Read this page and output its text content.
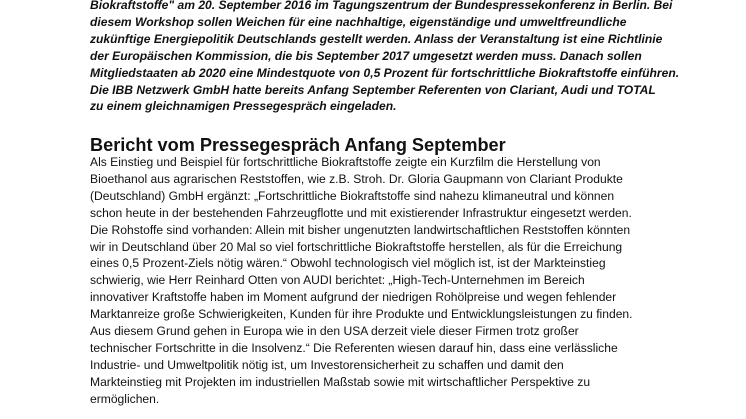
Biokraftstoffe" am 20. September 2016 im Tagungszentrum der Bundespressekonferenz in Berlin. Bei
diesem Workshop sollen Weichen für eine nachhaltige, eigenständige und umweltfreundliche
zukünftige Energiepolitik Deutschlands gestellt werden. Anlass der Veranstaltung ist eine Richtlinie
der Europäischen Kommission, die bis September 2017 umgesetzt werden muss. Danach sollen
Mitgliedstaaten ab 2020 eine Mindestquote von 0,5 Prozent für fortschrittliche Biokraftstoffe einführen.
Die IBB Netzwerk GmbH hatte bereits Anfang September Referenten von Clariant, Audi und TOTAL
zu einem gleichnamigen Pressegespräch eingeladen.

Bericht vom Pressegespräch Anfang September

Als Einstieg und Beispiel für fortschrittliche Biokraftstoffe zeigte ein Kurzfilm die Herstellung von
Bioethanol aus agrarischen Reststoffen, wie z.B. Stroh. Dr. Gloria Gaupmann von Clariant Produkte
(Deutschland) GmbH ergänzt: „Fortschrittliche Biokraftstoffe sind nahezu klimaneutral und können
schon heute in der bestehenden Fahrzeugflotte und mit existierender Infrastruktur eingesetzt werden.
Die Rohstoffe sind vorhanden: Allein mit bisher ungenutzten landwirtschaftlichen Reststoffen könnten
wir in Deutschland über 20 Mal so viel fortschrittliche Biokraftstoffe herstellen, als für die Erreichung
eines 0,5 Prozent-Ziels nötig wären.“ Obwohl technologisch viel möglich ist, ist der Markteinstieg
schwierig, wie Herr Reinhard Otten von AUDI berichtet: „High-Tech-Unternehmen im Bereich
innovativer Kraftstoffe haben im Moment aufgrund der niedrigen Rohölpreise und wegen fehlender
Marktanreize große Schwierigkeiten, Kunden für ihre Produkte und Entwicklungsleistungen zu finden.
Aus diesem Grund gehen in Europa wie in den USA derzeit viele dieser Firmen trotz großer
technischer Fortschritte in die Insolvenz.“ Die Referenten wiesen darauf hin, dass eine verlässliche
Industrie- und Umweltpolitik nötig ist, um Investorensicherheit zu schaffen und damit den
Markteinstieg mit Projekten im industriellen Maßstab sowie mit wirtschaftlicher Perspektive zu
ermöglichen.
